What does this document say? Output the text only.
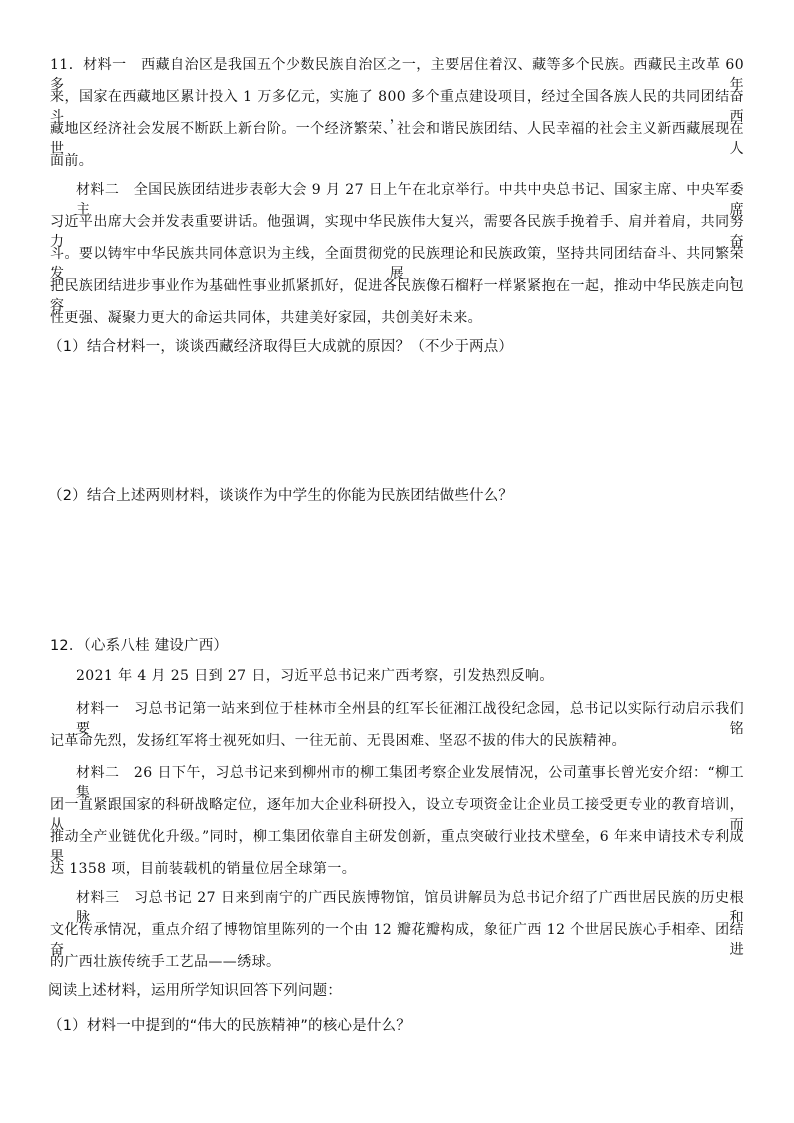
11．材料一　西藏自治区是我国五个少数民族自治区之一，主要居住着汉、藏等多个民族。西藏民主改革 60 多年
来，国家在西藏地区累计投入 1 万多亿元，实施了 800 多个重点建设项目，经过全国各族人民的共同团结奋斗，西
藏地区经济社会发展不断跃上新台阶。一个经济繁荣、社会和谐民族团结、人民幸福的社会主义新西藏展现在世人
面前。
材料二　全国民族团结进步表彰大会 9 月 27 日上午在北京举行。中共中央总书记、国家主席、中央军委主席
习近平出席大会并发表重要讲话。他强调，实现中华民族伟大复兴，需要各民族手挽着手、肩并着肩，共同努力奋
斗。要以铸牢中华民族共同体意识为主线，全面贯彻党的民族理论和民族政策，坚持共同团结奋斗、共同繁荣发展，
把民族团结进步事业作为基础性事业抓紧抓好，促进各民族像石榴籽一样紧紧抱在一起，推动中华民族走向包容
性更强、凝聚力更大的命运共同体，共建美好家园，共创美好未来。
（1）结合材料一，谈谈西藏经济取得巨大成就的原因？（不少于两点）
（2）结合上述两则材料，谈谈作为中学生的你能为民族团结做些什么？
12．（心系八桂 建设广西）
2021 年 4 月 25 日到 27 日，习近平总书记来广西考察，引发热烈反响。
材料一　习总书记第一站来到位于桂林市全州县的红军长征湘江战役纪念园，总书记以实际行动启示我们要铭
记革命先烈，发扬红军将士视死如归、一往无前、无畏困难、坚忍不拔的伟大的民族精神。
材料二　26 日下午，习总书记来到柳州市的柳工集团考察企业发展情况，公司董事长曾光安介绍：“柳工集
团一直紧跟国家的科研战略定位，逐年加大企业科研投入，设立专项资金让企业员工接受更专业的教育培训，从而
推动全产业链优化升级。”同时，柳工集团依靠自主研发创新，重点突破行业技术壁垒，6 年来申请技术专利成果
达 1358 项，目前装载机的销量位居全球第一。
材料三　习总书记 27 日来到南宁的广西民族博物馆，馆员讲解员为总书记介绍了广西世居民族的历史根脉和
文化传承情况，重点介绍了博物馆里陈列的一个由 12 瓣花瓣构成，象征广西 12 个世居民族心手相牵、团结奋进
的广西壮族传统手工艺品——绣球。
阅读上述材料，运用所学知识回答下列问题：
（1）材料一中提到的“伟大的民族精神”的核心是什么？
